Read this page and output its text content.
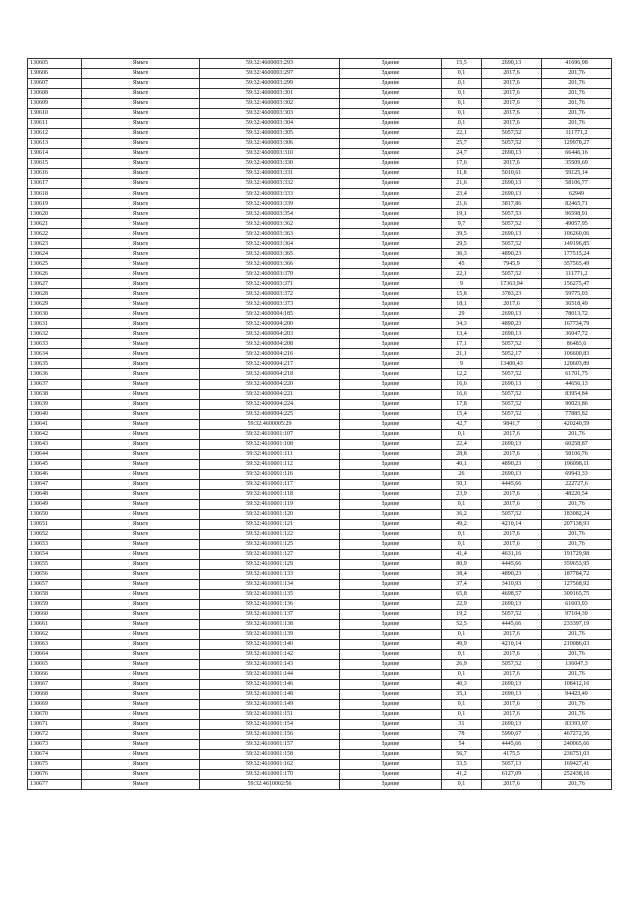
130605	Ямьге	59:32:4600003:293	Здание	15,5	2690,13	41696,98
130606	Ямьге	59:32:4600003:297	Здание	0,1	2017,6	201,76
130607	Ямьге	59:32:4600003:299	Здание	0,1	2017,6	201,76
130608	Ямьге	59:32:4600003:301	Здание	0,1	2017,6	201,76
130609	Ямьге	59:32:4600003:302	Здание	0,1	2017,6	201,76
130610	Ямьге	59:32:4600003:303	Здание	0,1	2017,6	201,76
130611	Ямьге	59:32:4600003:304	Здание	0,1	2017,6	201,76
130612	Ямьге	59:32:4600003:305	Здание	22,1	5057,52	111771,2
130613	Ямьге	59:32:4600003:306	Здание	25,7	5057,52	129978,27
130614	Ямьге	59:32:4600003:310	Здание	24,7	2690,13	66446,16
130615	Ямьге	59:32:4600003:330	Здание	17,6	2017,6	35509,69
130616	Ямьге	59:32:4600003:331	Здание	11,8	5010,61	59125,14
130617	Ямьге	59:32:4600003:332	Здание	21,6	2690,13	58106,77
130618	Ямьге	59:32:4600003:333	Здание	23,4	2690,13	62949
130619	Ямьге	59:32:4600003:339	Здание	21,6	3817,86	82465,71
130620	Ямьге	59:32:4600003:354	Здание	19,1	5057,53	96598,91
130621	Ямьге	59:32:4600003:362	Здание	9,7	5057,52	49057,95
130622	Ямьге	59:32:4600003:363	Здание	39,5	2690,13	106260,06
130623	Ямьге	59:32:4600003:364	Здание	29,5	5057,52	149196,85
130624	Ямьге	59:32:4600003:365	Здание	36,3	4890,23	177515,24
130625	Ямьге	59:32:4600003:366	Здание	45	7945,9	357565,49
130626	Ямьге	59:32:4600003:370	Здание	22,1	5057,52	111771,2
130627	Ямьге	59:32:4600003:371	Здание	9	17363,94	156275,47
130628	Ямьге	59:32:4600003:372	Здание	15,8	3783,23	59775,03
130629	Ямьге	59:32:4600003:373	Здание	18,1	2017,6	36518,49
130630	Ямьге	59:32:4600004:185	Здание	29	2690,13	78013,72
130631	Ямьге	59:32:4600004:200	Здание	34,3	4890,23	167734,79
130632	Ямьге	59:32:4600004:203	Здание	13,4	2690,13	36047,72
130633	Ямьге	59:32:4600004:208	Здание	17,1	5057,52	86483,6
130634	Ямьге	59:32:4600004:216	Здание	21,1	5052,17	106600,83
130635	Ямьге	59:32:4600004:217	Здание	9	13400,43	120603,89
130636	Ямьге	59:32:4600004:218	Здание	12,2	5057,52	61701,75
130637	Ямьге	59:32:4600004:220	Здание	16,6	2690,13	44656,13
130638	Ямьге	59:32:4600004:221	Здание	16,6	5057,52	83954,84
130639	Ямьге	59:32:4600004:224	Здание	17,8	5057,52	90023,86
130640	Ямьге	59:32:4600004:225	Здание	15,4	5057,52	77885,82
130641	Ямьге	59:32:4600005:29	Здание	42,7	9841,7	420240,59
130642	Ямьге	59:32:4610001:107	Здание	0,1	2017,6	201,76
130643	Ямьге	59:32:4610001:108	Здание	22,4	2690,13	60258,87
130644	Ямьге	59:32:4610001:111	Здание	28,8	2017,6	58106,76
130645	Ямьге	59:32:4610001:112	Здание	40,1	4890,23	196098,11
130646	Ямьге	59:32:4610001:116	Здание	26	2690,13	69943,33
130647	Ямьге	59:32:4610001:117	Здание	50,1	4445,66	222727,6
130648	Ямьге	59:32:4610001:118	Здание	23,9	2017,6	48220,54
130649	Ямьге	59:32:4610001:119	Здание	0,1	2017,6	201,76
130650	Ямьге	59:32:4610001:120	Здание	36,2	5057,52	183082,24
130651	Ямьге	59:32:4610001:121	Здание	49,2	4210,14	207138,93
130652	Ямьге	59:32:4610001:122	Здание	0,1	2017,6	201,76
130653	Ямьге	59:32:4610001:125	Здание	0,1	2017,6	201,76
130654	Ямьге	59:32:4610001:127	Здание	41,4	4631,16	191729,98
130655	Ямьге	59:32:4610001:129	Здание	80,9	4445,66	359653,95
130656	Ямьге	59:32:4610001:133	Здание	38,4	4890,23	187784,72
130657	Ямьге	59:32:4610001:134	Здание	37,4	3410,93	127568,92
130658	Ямьге	59:32:4610001:135	Здание	65,8	4698,57	309165,75
130659	Ямьге	59:32:4610001:136	Здание	22,9	2690,13	61603,93
130660	Ямьге	59:32:4610001:137	Здание	19,2	5057,52	97104,39
130661	Ямьге	59:32:4610001:138	Здание	52,5	4445,66	233397,19
130662	Ямьге	59:32:4610001:139	Здание	0,1	2017,6	201,76
130663	Ямьге	59:32:4610001:140	Здание	49,9	4210,14	210086,03
130664	Ямьге	59:32:4610001:142	Здание	0,1	2017,6	201,76
130665	Ямьге	59:32:4610001:143	Здание	26,9	5057,52	136047,3
130666	Ямьге	59:32:4610001:144	Здание	0,1	2017,6	201,76
130667	Ямьге	59:32:4610001:146	Здание	40,3	2690,13	108412,16
130668	Ямьге	59:32:4610001:148	Здание	35,1	2690,13	94423,49
130669	Ямьге	59:32:4610001:149	Здание	0,1	2017,6	201,76
130670	Ямьге	59:32:4610001:151	Здание	0,1	2017,6	201,76
130671	Ямьге	59:32:4610001:154	Здание	31	2690,13	83393,97
130672	Ямьге	59:32:4610001:156	Здание	78	5990,67	467272,56
130673	Ямьге	59:32:4610001:157	Здание	54	4445,66	240065,66
130674	Ямьге	59:32:4610001:158	Здание	56,7	4175,5	236751,03
130675	Ямьге	59:32:4610001:162	Здание	33,5	5057,13	169427,41
130676	Ямьге	59:32:4610001:170	Здание	41,2	6127,09	252438,16
130677	Ямьге	59:32:4610002:56	Здание	0,1	2017,6	201,76
